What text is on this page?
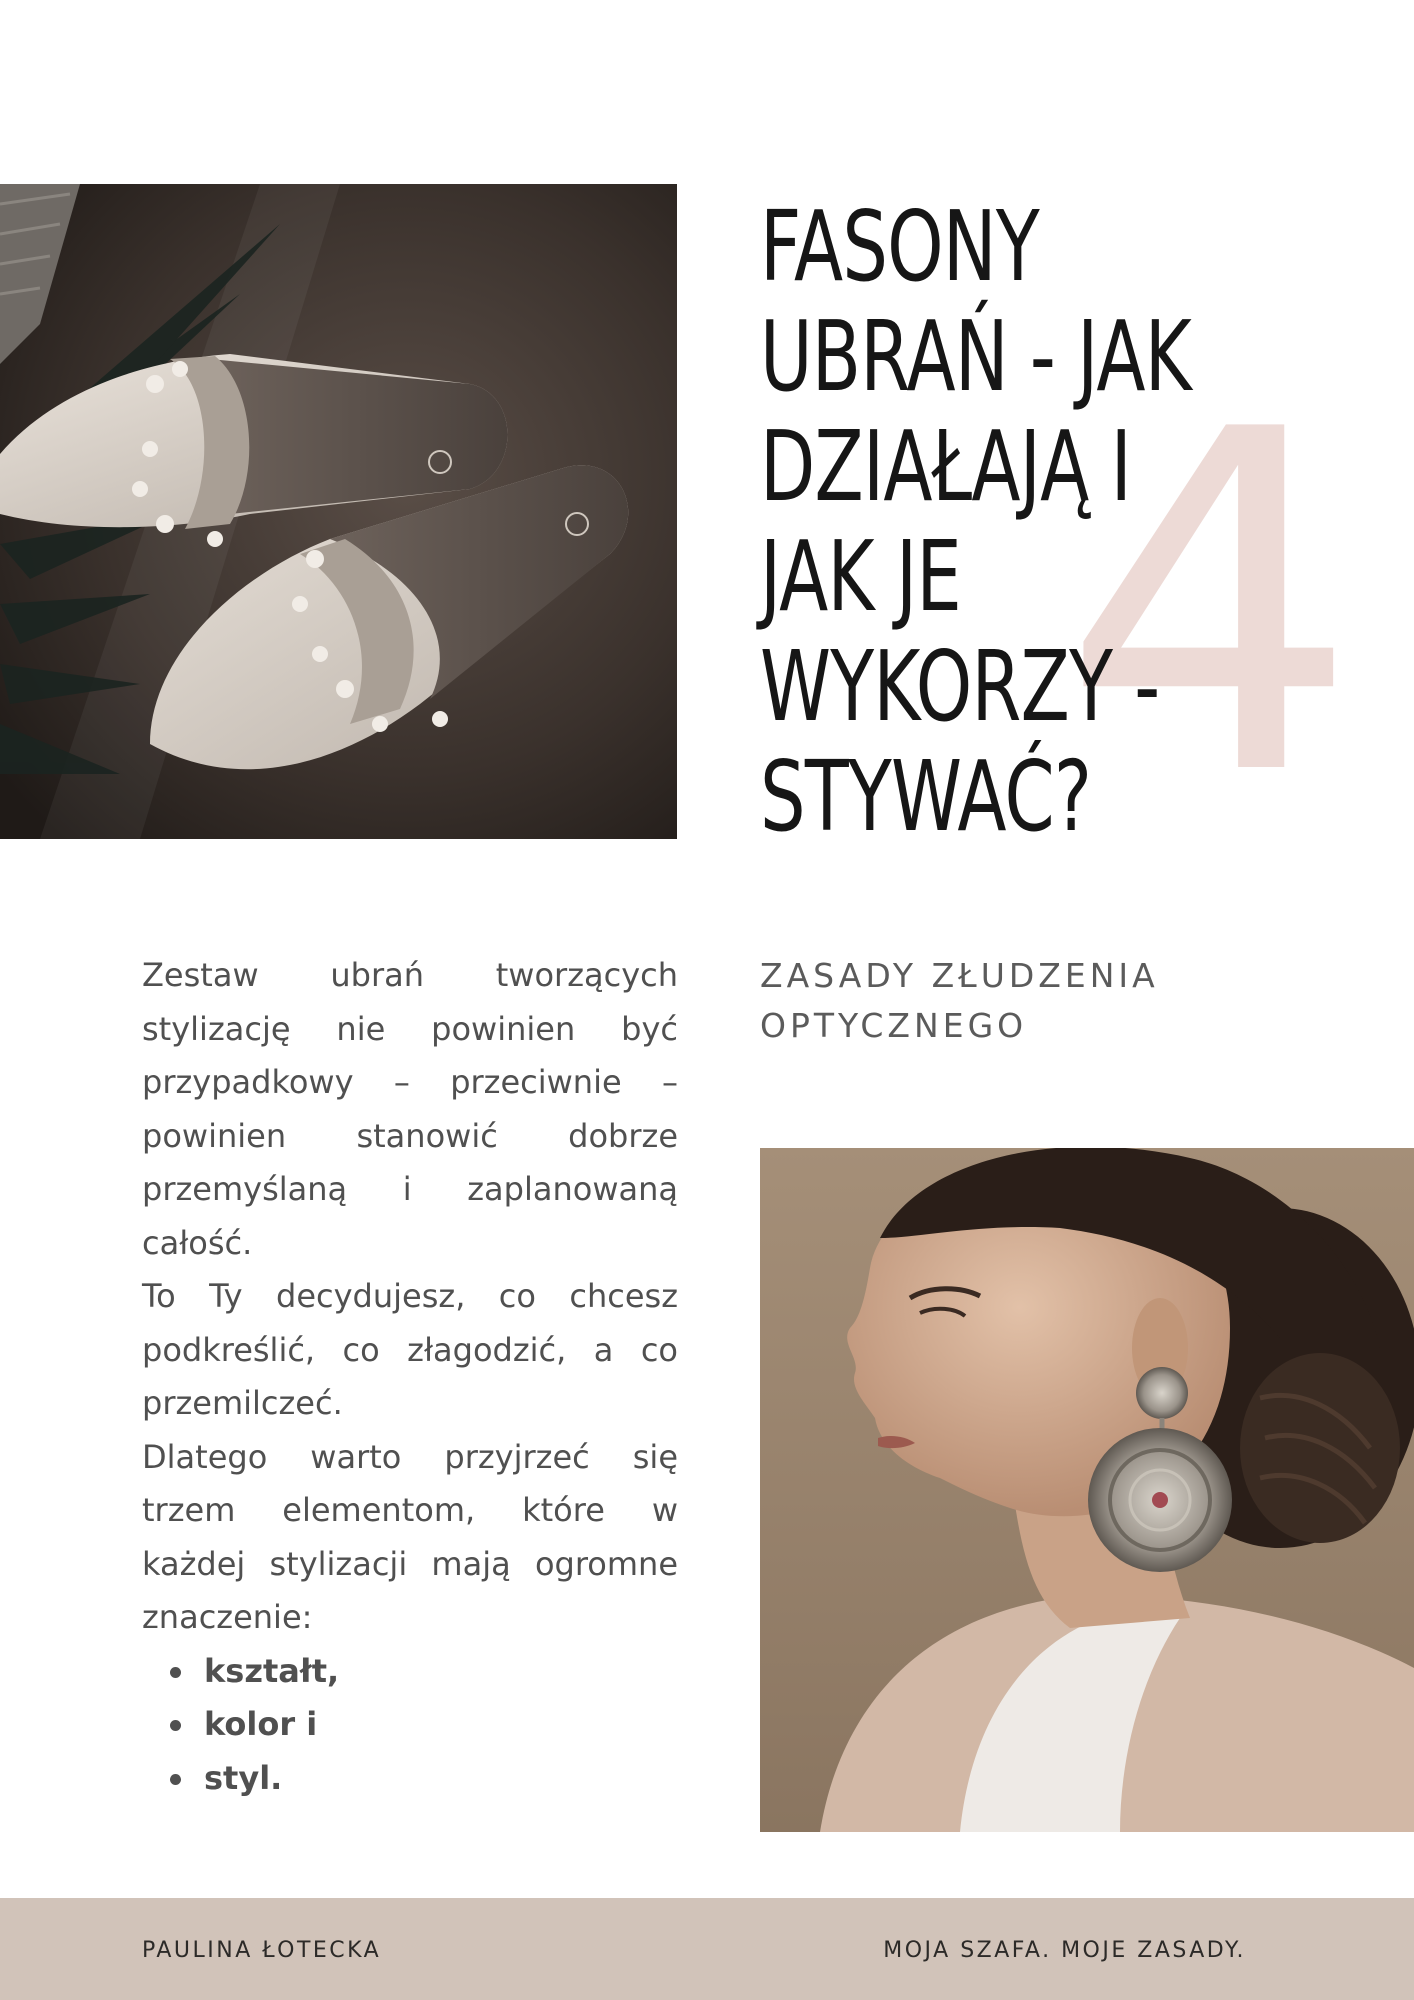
4
FASONY
UBRAŃ - JAK
DZIAŁAJĄ I
JAK JE
WYKORZY -
STYWAĆ?
ZASADY ZŁUDZENIA
OPTYCZNEGO

Zestaw ubrań tworzących stylizację nie powinien być przypadkowy – przeciwnie – powinien stanowić dobrze przemyślaną i zaplanowaną całość.

To Ty decydujesz, co chcesz podkreślić, co złagodzić, a co przemilczeć.

Dlatego warto przyjrzeć się trzem elementom, które w każdej stylizacji mają ogromne znaczenie:

kształt,
kolor i
styl.
PAULINA ŁOTECKA	MOJA SZAFA. MOJE ZASADY.
